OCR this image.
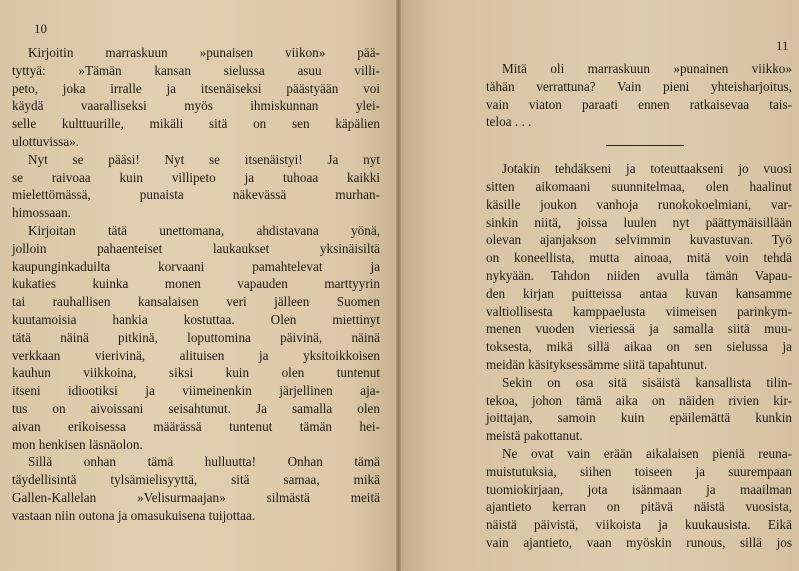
10
11
Kirjoitin marraskuun »punaisen viikon» pää-
tyttyä: »Tämän kansan sielussa asuu villi-
peto, joka irralle ja itsenäiseksi päästyään voi
käydä vaaralliseksi myös ihmiskunnan ylei-
selle kulttuurille, mikäli sitä on sen käpälien
ulottuvissa».
Nyt se pääsi! Nyt se itsenäistyi! Ja nyt
se raivoaa kuin villipeto ja tuhoaa kaikki
mielettömässä, punaista näkevässä murhan-
himossaan.
Kirjoitan tätä unettomana, ahdistavana yönä,
jolloin pahaenteiset laukaukset yksinäisiltä
kaupunginkaduilta korvaani pamahtelevat ja
kukaties kuinka monen vapauden marttyyrin
tai rauhallisen kansalaisen veri jälleen Suomen
kuutamoisia hankia kostuttaa. Olen miettinyt
tätä näinä pitkinä, loputtomina päivinä, näinä
verkkaan vierivinä, alituisen ja yksitoikkoisen
kauhun viikkoina, siksi kuin olen tuntenut
itseni idiootiksi ja viimeinenkin järjellinen aja-
tus on aivoissani seisahtunut. Ja samalla olen
aivan erikoisessa määrässä tuntenut tämän hei-
mon henkisen läsnäolon.
Sillä onhan tämä hulluutta! Onhan tämä
täydellisintä tylsämielisyyttä, sitä samaa, mikä
Gallen-Kallelan »Velisurmaajan» silmästä meitä
vastaan niin outona ja omasukuisena tuijottaa.
Mitä oli marraskuun »punainen viikko»
tähän verrattuna? Vain pieni yhteisharjoitus,
vain viaton paraati ennen ratkaisevaa tais-
teloa . . .
Jotakin tehdäkseni ja toteuttaakseni jo vuosi
sitten aikomaani suunnitelmaa, olen haalinut
käsille joukon vanhoja runokokoelmiani, var-
sinkin niitä, joissa luulen nyt päättymäisillään
olevan ajanjakson selvimmin kuvastuvan. Työ
on koneellista, mutta ainoaa, mitä voin tehdä
nykyään. Tahdon niiden avulla tämän Vapau-
den kirjan puitteissa antaa kuvan kansamme
valtiollisesta kamppaelusta viimeisen parinkym-
menen vuoden vieriessä ja samalla siitä muu-
toksesta, mikä sillä aikaa on sen sielussa ja
meidän käsityksessämme siitä tapahtunut.
Sekin on osa sitä sisäistä kansallista tilin-
tekoa, johon tämä aika on näiden rivien kir-
joittajan, samoin kuin epäilemättä kunkin
meistä pakottanut.
Ne ovat vain erään aikalaisen pieniä reuna-
muistutuksia, siihen toiseen ja suurempaan
tuomiokirjaan, jota isänmaan ja maailman
ajantieto kerran on pitävä näistä vuosista,
näistä päivistä, viikoista ja kuukausista. Eikä
vain ajantieto, vaan myöskin runous, sillä jos
